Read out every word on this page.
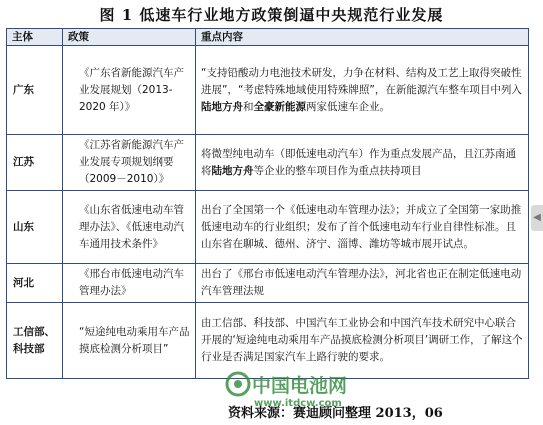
图 1 低速车行业地方政策倒逼中央规范行业发展
主体	政策	重点内容
广东	《广东省新能源汽车产业发展规划（2013-2020 年）》	“支持铅酸动力电池技术研发，力争在材料、结构及工艺上取得突破性进展”，“考虑特殊地域使用特殊牌照”，在新能源汽车整车项目中列入陆地方舟和全豪新能源两家低速车企业。
江苏	《江苏省新能源汽车产业发展专项规划纲要（2009－2010）》	将微型纯电动车（即低速电动汽车）作为重点发展产品，且江苏南通将陆地方舟等企业的整车项目作为重点扶持项目
山东	《山东省低速电动车管理办法》、《低速电动汽车通用技术条件》	出台了全国第一个《低速电动车管理办法》；并成立了全国第一家助推低速电动车的行业组织；发布了首个低速电动车行业自律性标准。且山东省在聊城、德州、济宁、淄博、潍坊等城市展开试点。
河北	《邢台市低速电动汽车管理办法》	出台了《邢台市低速电动汽车管理办法》，河北省也正在制定低速电动汽车管理法规
工信部、科技部	“短途纯电动乘用车产品摸底检测分析项目”	由工信部、科技部、中国汽车工业协会和中国汽车技术研究中心联合开展的‘短途纯电动乘用车产品摸底检测分析项目’调研工作，了解这个行业是否满足国家汽车上路行驶的要求。
◀
中国电池网
www.itdcw.com
资料来源：赛迪顾问整理 2013，06
